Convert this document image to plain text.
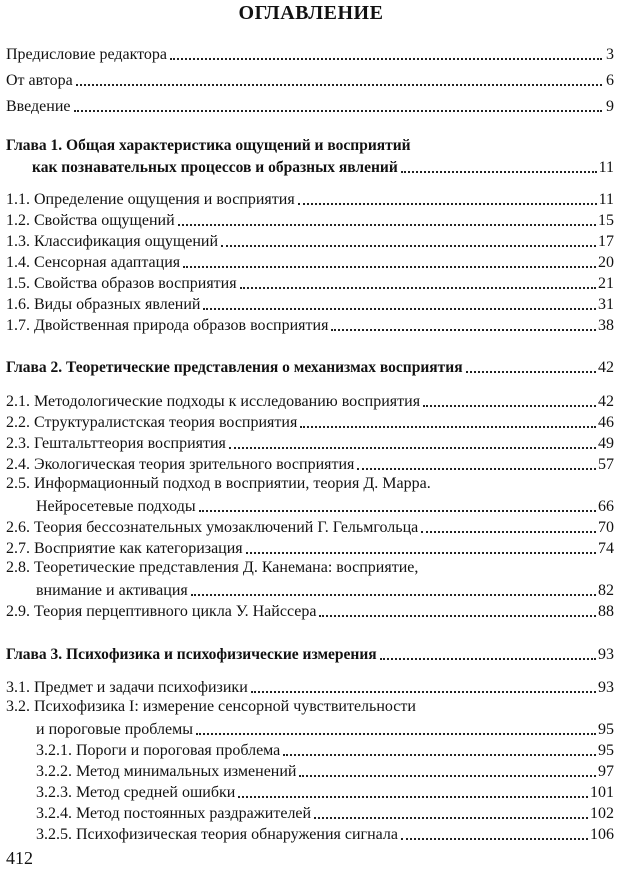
ОГЛАВЛЕНИЕ
Предисловие редактора	3
От автора	6
Введение	9
Глава 1. Общая характеристика ощущений и восприятий
как познавательных процессов и образных явлений	11
1.1. Определение ощущения и восприятия	11
1.2. Свойства ощущений	15
1.3. Классификация ощущений	17
1.4. Сенсорная адаптация	20
1.5. Свойства образов восприятия	21
1.6. Виды образных явлений	31
1.7. Двойственная природа образов восприятия	38
Глава 2. Теоретические представления о механизмах восприятия	42
2.1. Методологические подходы к исследованию восприятия	42
2.2. Структуралистская теория восприятия	46
2.3. Гештальттеория восприятия	49
2.4. Экологическая теория зрительного восприятия	57
2.5. Информационный подход в восприятии, теория Д. Марра.
Нейросетевые подходы	66
2.6. Теория бессознательных умозаключений Г. Гельмгольца	70
2.7. Восприятие как категоризация	74
2.8. Теоретические представления Д. Канемана: восприятие,
внимание и активация	82
2.9. Теория перцептивного цикла У. Найссера	88
Глава 3. Психофизика и психофизические измерения	93
3.1. Предмет и задачи психофизики	93
3.2. Психофизика I: измерение сенсорной чувствительности
и пороговые проблемы	95
3.2.1. Пороги и пороговая проблема	95
3.2.2. Метод минимальных изменений	97
3.2.3. Метод средней ошибки	101
3.2.4. Метод постоянных раздражителей	102
3.2.5. Психофизическая теория обнаружения сигнала	106
412
